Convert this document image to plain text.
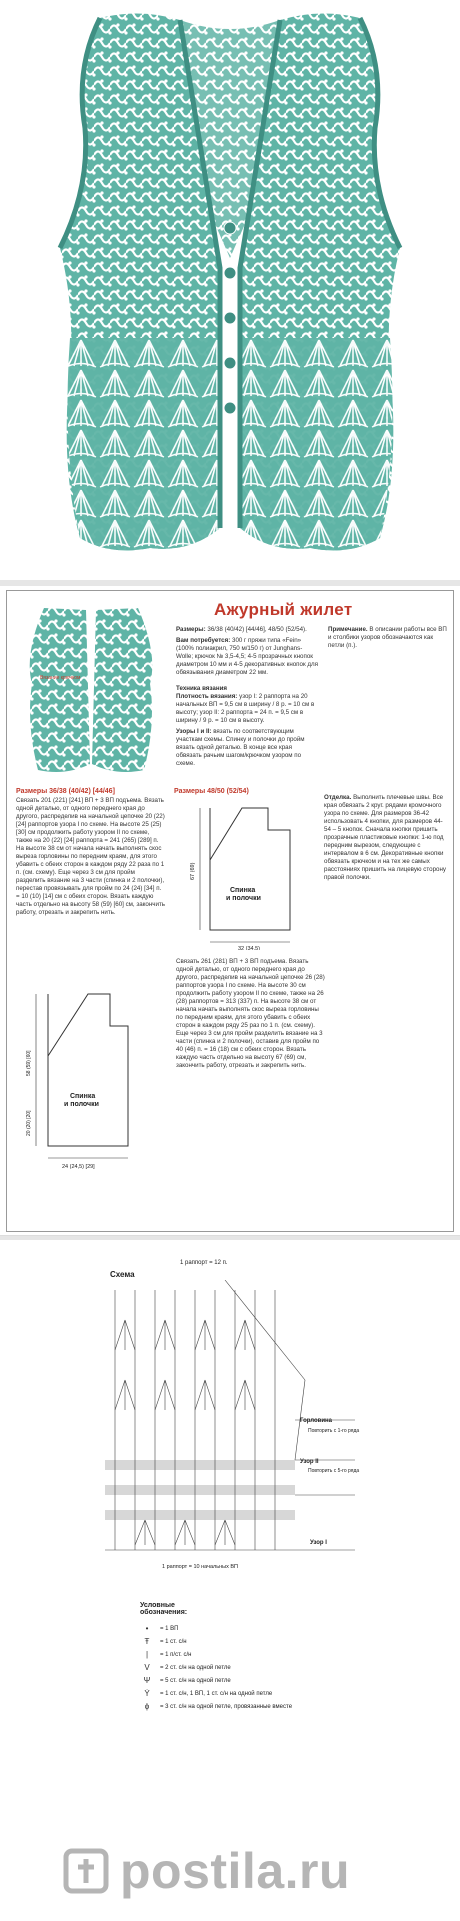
Вязание крючком
Ажурный жилет

Размеры: 36/38 (40/42) [44/46], 48/50 (52/54).

Вам потребуется: 300 г пряжи типа «Fein» (100% полиакрил, 750 м/150 г) от Junghans-Wolle; крючок № 3,5-4,5; 4-5 прозрачных кнопок диаметром 10 мм и 4-5 декоративных кнопок для обвязывания диаметром 22 мм.

Техника вязания

Плотность вязания: узор I: 2 раппорта на 20 начальных ВП = 9,5 см в ширину / 8 р. = 10 см в высоту; узор II: 2 раппорта = 24 п. = 9,5 см в ширину / 9 р. = 10 см в высоту.

Узоры I и II: вязать по соответствующим участкам схемы. Спинку и полочки до пройм вязать одной деталью. В конце все края обвязать рачьим шагом/крючком узором по схеме.

Примечание. В описании работы все ВП и столбики узоров обозначаются как петли (п.).

Размеры 36/38 (40/42) [44/46]

Связать 201 (221) [241] ВП + 3 ВП подъема. Вязать одной деталью, от одного переднего края до другого, распределив на начальной цепочке 20 (22) [24] раппортов узора I по схеме. На высоте 25 (25) [30] см продолжить работу узором II по схеме, также на 20 (22) [24] раппорта = 241 (265) [289] п. На высоте 38 см от начала начать выполнять скос выреза горловины по передним краям, для этого убавить с обеих сторон в каждом ряду 22 раза по 1 п. (см. схему). Еще через 3 см для пройм разделить вязание на 3 части (спинка и 2 полочки), перестав провязывать для пройм по 24 (24) [34] п. = 10 (10) [14] см с обеих сторон. Вязать каждую часть отдельно на высоту 58 (59) [60] см, закончить работу, отрезать и закрепить нить.

Размеры 48/50 (52/54)

Спинка
и полочки
32 (34,5)
67 (69)

Отделка. Выполнить плечевые швы. Все края обвязать 2 круг. рядами кромочного узора по схеме. Для размеров 36-42 использовать 4 кнопки, для размеров 44-54 – 5 кнопок. Сначала кнопки пришить прозрачные пластиковые кнопки: 1-ю под передним вырезом, следующие с интервалом в 6 см. Декоративные кнопки обвязать крючком и на тех же самых расстояниях пришить на лицевую сторону правой полочки.

Спинка
и полочки
24 (24,5) [29]
20 (20) [20]
58 (59) [60]
Связать 261 (281) ВП + 3 ВП подъема. Вязать одной деталью, от одного переднего края до другого, распределив на начальной цепочке 26 (28) раппортов узора I по схеме. На высоте 30 см продолжить работу узором II по схеме, также на 26 (28) раппортов = 313 (337) п. На высоте 38 см от начала начать выполнять скос выреза горловины по передним краям, для этого убавить с обеих сторон в каждом ряду 25 раз по 1 п. (см. схему). Еще через 3 см для пройм разделить вязание на 3 части (спинка и 2 полочки), оставив для пройм по 40 (46) п. = 16 (18) см с обеих сторон. Вязать каждую часть отдельно на высоту 67 (69) см, закончить работу, отрезать и закрепить нить.
Схема
1 раппорт = 12 п.
Горловина
Повторить с 1-го ряда
Узор II
Повторить с 5-го ряда
Узор I
1 раппорт = 10 начальных ВП

Условные обозначения:

•	= 1 ВП
Ŧ	= 1 ст. с/н
|	= 1 п/ст. с/н
V	= 2 ст. с/н на одной петле
Ψ	= 5 ст. с/н на одной петле
Ẏ	= 1 ст. с/н, 1 ВП, 1 ст. с/н на одной петле
ϕ	= 3 ст. с/н на одной петле, провязанные вместе
postila.ru
